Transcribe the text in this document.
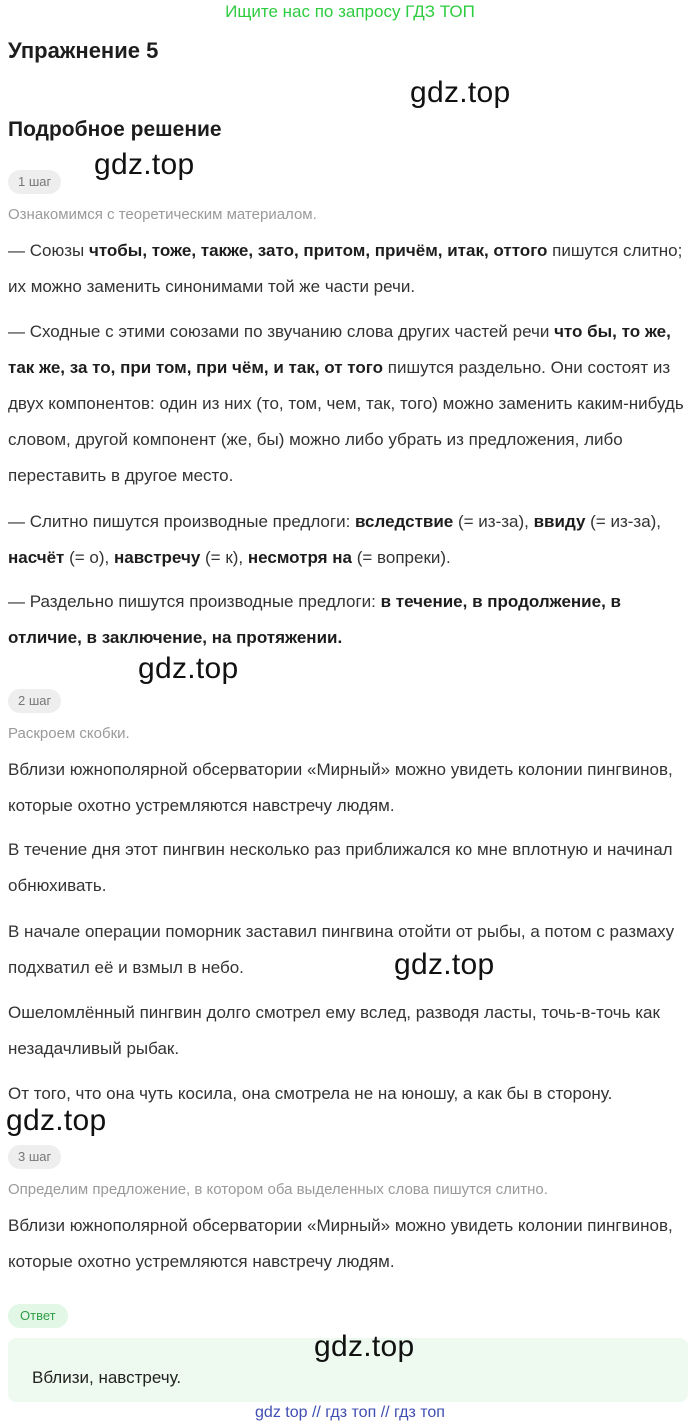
Ищите нас по запросу ГДЗ ТОП
Упражнение 5
gdz.top
Подробное решение
gdz.top
1 шаг
Ознакомимся с теоретическим материалом.
— Союзы чтобы, тоже, также, зато, притом, причём, итак, оттого пишутся слитно; их можно заменить синонимами той же части речи.
— Сходные с этими союзами по звучанию слова других частей речи что бы, то же, так же, за то, при том, при чём, и так, от того пишутся раздельно. Они состоят из двух компонентов: один из них (то, том, чем, так, того) можно заменить каким-нибудь словом, другой компонент (же, бы) можно либо убрать из предложения, либо переставить в другое место.
— Слитно пишутся производные предлоги: вследствие (= из-за), ввиду (= из-за), насчёт (= о), навстречу (= к), несмотря на (= вопреки).
— Раздельно пишутся производные предлоги: в течение, в продолжение, в отличие, в заключение, на протяжении.
gdz.top
2 шаг
Раскроем скобки.
Вблизи южнополярной обсерватории «Мирный» можно увидеть колонии пингвинов, которые охотно устремляются навстречу людям.
В течение дня этот пингвин несколько раз приближался ко мне вплотную и начинал обнюхивать.
В начале операции поморник заставил пингвина отойти от рыбы, а потом с размаху подхватил её и взмыл в небо.	gdz.top
Ошеломлённый пингвин долго смотрел ему вслед, разводя ласты, точь-в-точь как незадачливый рыбак.
От того, что она чуть косила, она смотрела не на юношу, а как бы в сторону.
gdz.top
3 шаг
Определим предложение, в котором оба выделенных слова пишутся слитно.
Вблизи южнополярной обсерватории «Мирный» можно увидеть колонии пингвинов, которые охотно устремляются навстречу людям.
Ответ
gdz.top
Вблизи, навстречу.
gdz top // гдз топ // гдз топ
